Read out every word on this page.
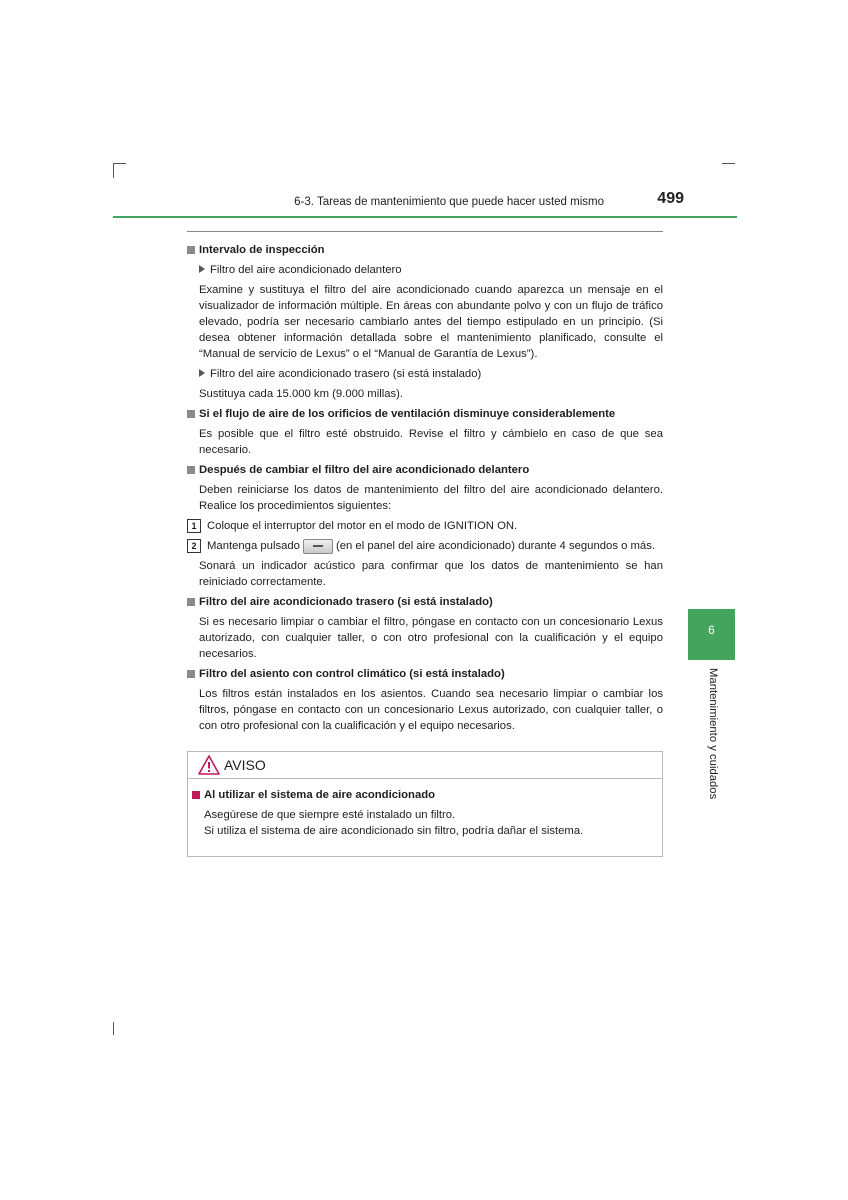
6-3. Tareas de mantenimiento que puede hacer usted mismo	499
Intervalo de inspección
Filtro del aire acondicionado delantero
Examine y sustituya el filtro del aire acondicionado cuando aparezca un mensaje en el visualizador de información múltiple. En áreas con abundante polvo y con un flujo de tráfico elevado, podría ser necesario cambiarlo antes del tiempo estipulado en un principio. (Si desea obtener información detallada sobre el mantenimiento planificado, consulte el “Manual de servicio de Lexus” o el “Manual de Garantía de Lexus”).
Filtro del aire acondicionado trasero (si está instalado)
Sustituya cada 15.000 km (9.000 millas).
Si el flujo de aire de los orificios de ventilación disminuye considerablemente
Es posible que el filtro esté obstruido. Revise el filtro y cámbielo en caso de que sea necesario.
Después de cambiar el filtro del aire acondicionado delantero
Deben reiniciarse los datos de mantenimiento del filtro del aire acondicionado delantero. Realice los procedimientos siguientes:
1 Coloque el interruptor del motor en el modo de IGNITION ON.
2 Mantenga pulsado	(en el panel del aire acondicionado) durante 4 segundos o más.
Sonará un indicador acústico para confirmar que los datos de mantenimiento se han reiniciado correctamente.
Filtro del aire acondicionado trasero (si está instalado)
Si es necesario limpiar o cambiar el filtro, póngase en contacto con un concesionario Lexus autorizado, con cualquier taller, o con otro profesional con la cualificación y el equipo necesarios.
Filtro del asiento con control climático (si está instalado)
Los filtros están instalados en los asientos. Cuando sea necesario limpiar o cambiar los filtros, póngase en contacto con un concesionario Lexus autorizado, con cualquier taller, o con otro profesional con la cualificación y el equipo necesarios.
AVISO
Al utilizar el sistema de aire acondicionado
Asegúrese de que siempre esté instalado un filtro.
Si utiliza el sistema de aire acondicionado sin filtro, podría dañar el sistema.
6
Mantenimiento y cuidados
